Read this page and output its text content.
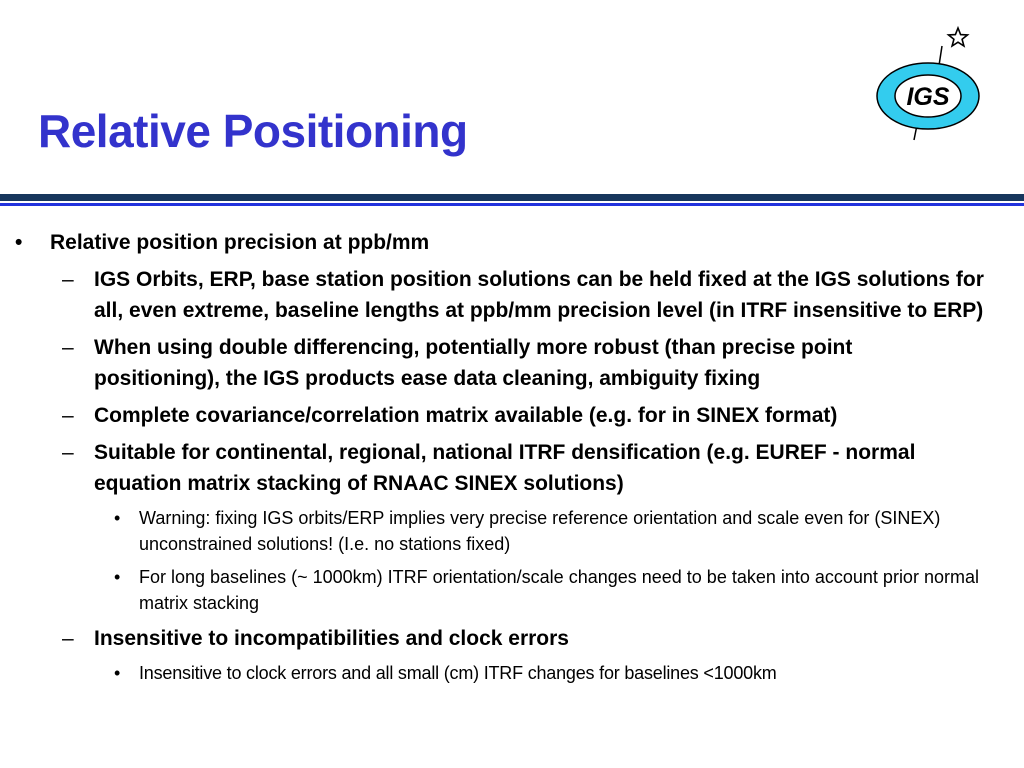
Relative Positioning
IGS
• Relative position precision at ppb/mm
– IGS Orbits, ERP, base station position solutions can be held fixed at the IGS solutions for all, even extreme, baseline lengths at ppb/mm precision level (in ITRF insensitive to ERP)
– When using double differencing, potentially more robust (than precise point positioning), the IGS products ease data cleaning, ambiguity fixing
– Complete covariance/correlation matrix available (e.g. for in SINEX format)
– Suitable for continental, regional, national ITRF densification (e.g. EUREF - normal equation matrix stacking of RNAAC SINEX solutions)
• Warning: fixing IGS orbits/ERP implies very precise reference orientation and scale even for (SINEX) unconstrained solutions! (I.e. no stations fixed)
• For long baselines (~ 1000km) ITRF orientation/scale changes need to be taken into account prior normal matrix stacking
– Insensitive to incompatibilities and clock errors
• Insensitive to clock errors and all small (cm) ITRF changes for baselines <1000km
